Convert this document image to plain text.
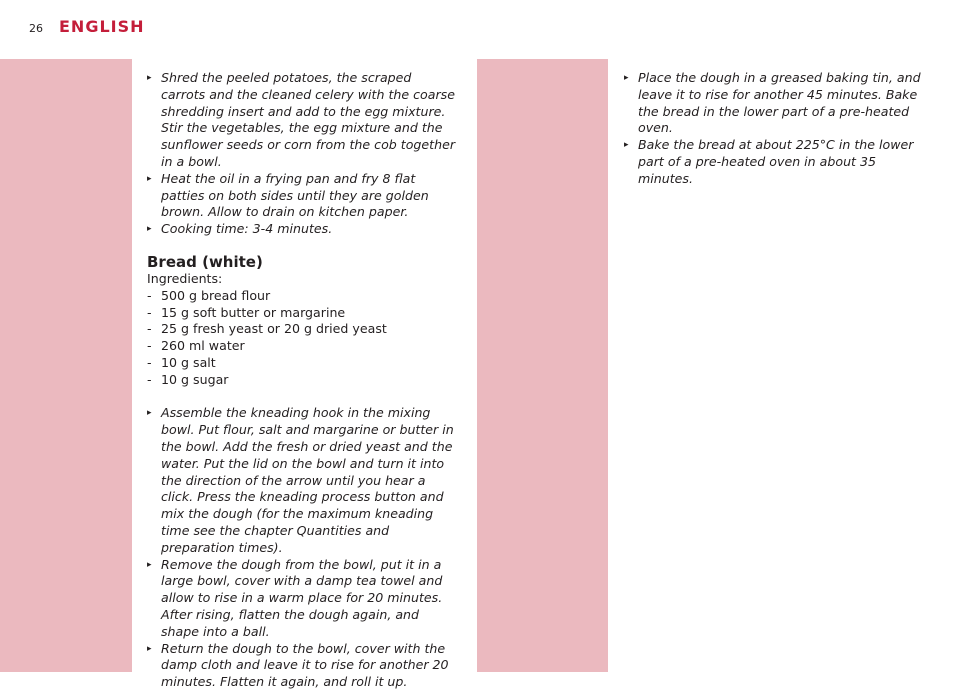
26 ENGLISH
▸ Shred the peeled potatoes, the scraped carrots and the cleaned celery with the coarse shredding insert and add to the egg mixture. Stir the vegetables, the egg mixture and the sunflower seeds or corn from the cob together in a bowl.
▸ Heat the oil in a frying pan and fry 8 flat patties on both sides until they are golden brown. Allow to drain on kitchen paper.
▸ Cooking time: 3-4 minutes.
Bread (white)

Ingredients:

- 500 g bread flour
- 15 g soft butter or margarine
- 25 g fresh yeast or 20 g dried yeast
- 260 ml water
- 10 g salt
- 10 g sugar
▸ Assemble the kneading hook in the mixing bowl. Put flour, salt and margarine or butter in the bowl. Add the fresh or dried yeast and the water. Put the lid on the bowl and turn it into the direction of the arrow until you hear a click. Press the kneading process button and mix the dough (for the maximum kneading time see the chapter Quantities and preparation times).
▸ Remove the dough from the bowl, put it in a large bowl, cover with a damp tea towel and allow to rise in a warm place for 20 minutes. After rising, flatten the dough again, and shape into a ball.
▸ Return the dough to the bowl, cover with the damp cloth and leave it to rise for another 20 minutes. Flatten it again, and roll it up.
▸ Place the dough in a greased baking tin, and leave it to rise for another 45 minutes. Bake the bread in the lower part of a pre-heated oven.
▸ Bake the bread at about 225°C in the lower part of a pre-heated oven in about 35 minutes.
